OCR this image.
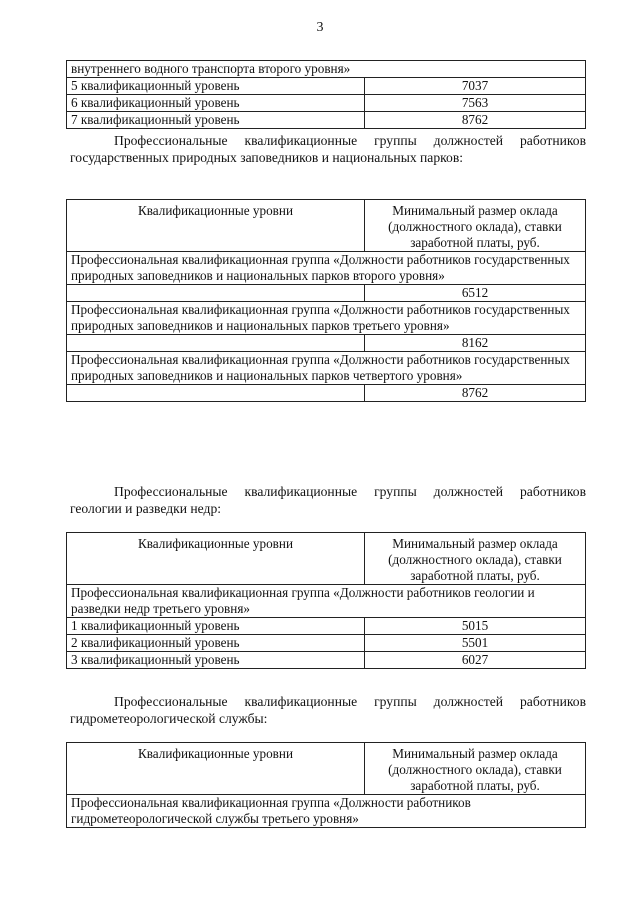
3
внутреннего водного транспорта второго уровня»	
5 квалификационный уровень	7037
6 квалификационный уровень	7563
7 квалификационный уровень	8762

Профессиональные квалификационные группы должностей работников государственных природных заповедников и национальных парков:

Квалификационные уровни	Минимальный размер оклада (должностного оклада), ставки заработной платы, руб.
Профессиональная квалификационная группа «Должности работников государственных природных заповедников и национальных парков второго уровня»	
	6512
Профессиональная квалификационная группа «Должности работников государственных природных заповедников и национальных парков третьего уровня»	
	8162
Профессиональная квалификационная группа «Должности работников государственных природных заповедников и национальных парков четвертого уровня»	
	8762

Профессиональные квалификационные группы должностей работников геологии и разведки недр:

Квалификационные уровни	Минимальный размер оклада (должностного оклада), ставки заработной платы, руб.
Профессиональная квалификационная группа «Должности работников геологии и разведки недр третьего уровня»	
1 квалификационный уровень	5015
2 квалификационный уровень	5501
3 квалификационный уровень	6027

Профессиональные квалификационные группы должностей работников гидрометеорологической службы:

Квалификационные уровни	Минимальный размер оклада (должностного оклада), ставки заработной платы, руб.
Профессиональная квалификационная группа «Должности работников гидрометеорологической службы третьего уровня»
